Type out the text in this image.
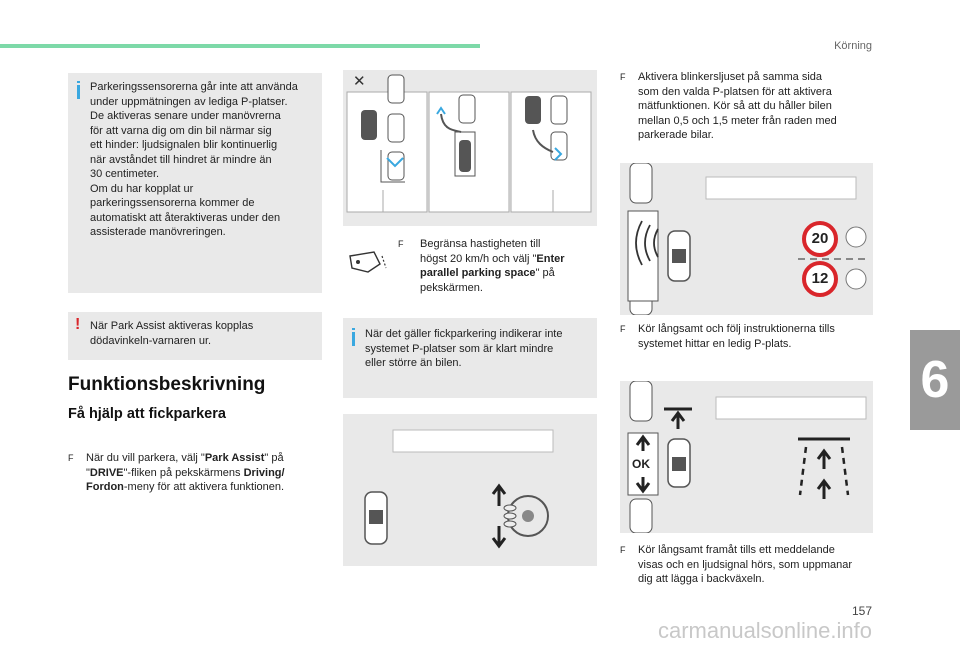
Körning
6
157
carmanualsonline.info
Parkeringssensorerna går inte att använda
under uppmätningen av lediga P-platser.
De aktiveras senare under manövrerna
för att varna dig om din bil närmar sig
ett hinder: ljudsignalen blir kontinuerlig
när avståndet till hindret är mindre än
30 centimeter.
Om du har kopplat ur
parkeringssensorerna kommer de
automatiskt att återaktiveras under den
assisterade manövreringen.
! När Park Assist aktiveras kopplas
dödavinkeln-varnaren ur.
Funktionsbeskrivning
Få hjälp att fickparkera
F När du vill parkera, välj "Park Assist" på
"DRIVE"-fliken på pekskärmens Driving/
Fordon-meny för att aktivera funktionen.
✕
F Begränsa hastigheten till
högst 20 km/h och välj "Enter
parallel parking space" på
pekskärmen.
När det gäller fickparkering indikerar inte
systemet P-platser som är klart mindre
eller större än bilen.
F Aktivera blinkersljuset på samma sida
som den valda P-platsen för att aktivera
mätfunktionen. Kör så att du håller bilen
mellan 0,5 och 1,5 meter från raden med
parkerade bilar.
20
12
F Kör långsamt och följ instruktionerna tills
systemet hittar en ledig P-plats.
OK
F Kör långsamt framåt tills ett meddelande
visas och en ljudsignal hörs, som uppmanar
dig att lägga i backväxeln.
